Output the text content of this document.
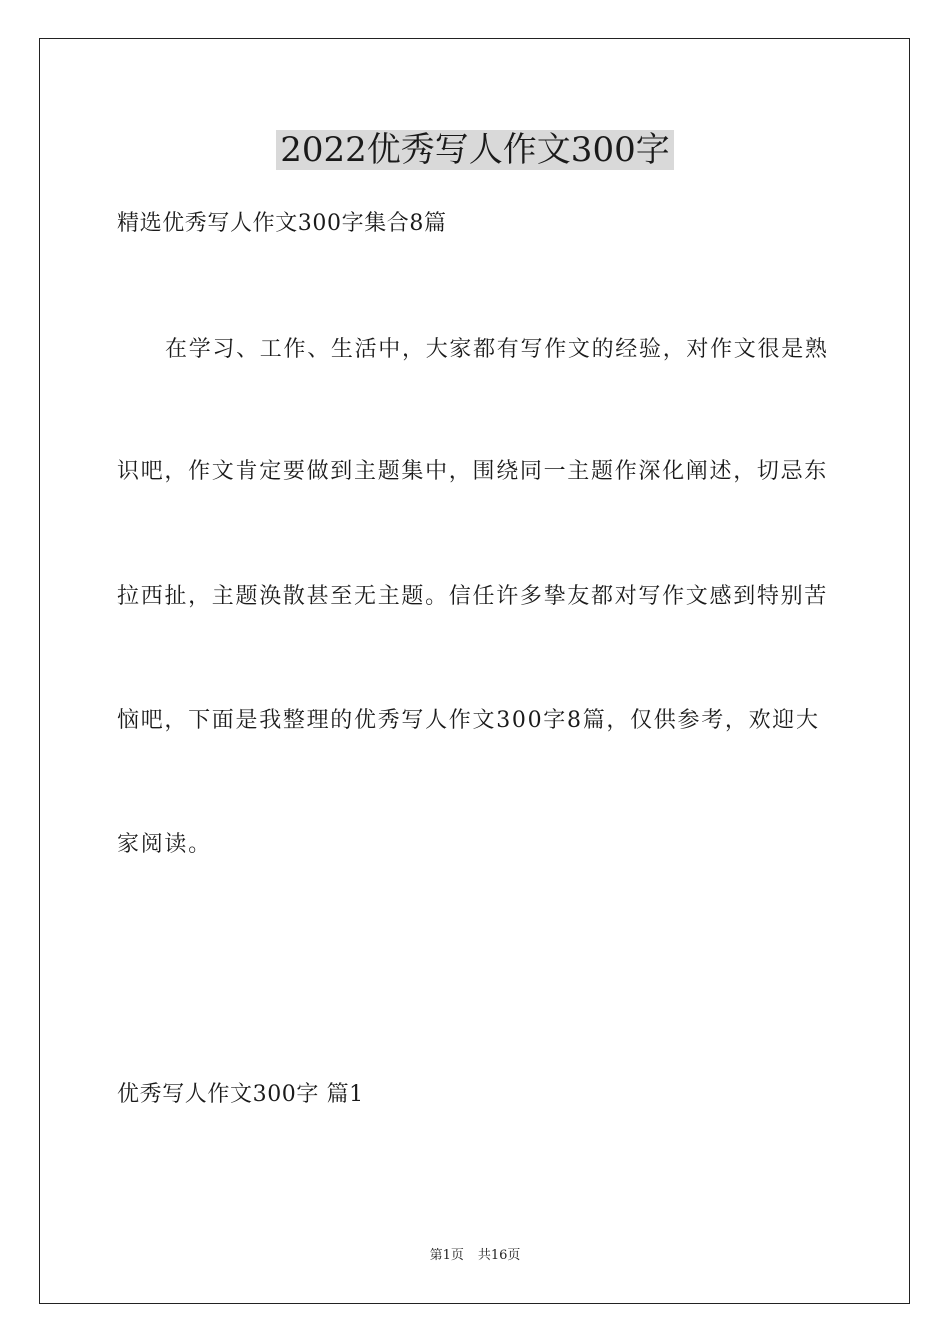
2022优秀写人作文300字

精选优秀写人作文300字集合8篇

在学习、工作、生活中，大家都有写作文的经验，对作文很是熟

识吧，作文肯定要做到主题集中，围绕同一主题作深化阐述，切忌东

拉西扯，主题涣散甚至无主题。信任许多挚友都对写作文感到特别苦

恼吧，下面是我整理的优秀写人作文300字8篇，仅供参考，欢迎大

家阅读。

优秀写人作文300字 篇1

第1页 共16页
